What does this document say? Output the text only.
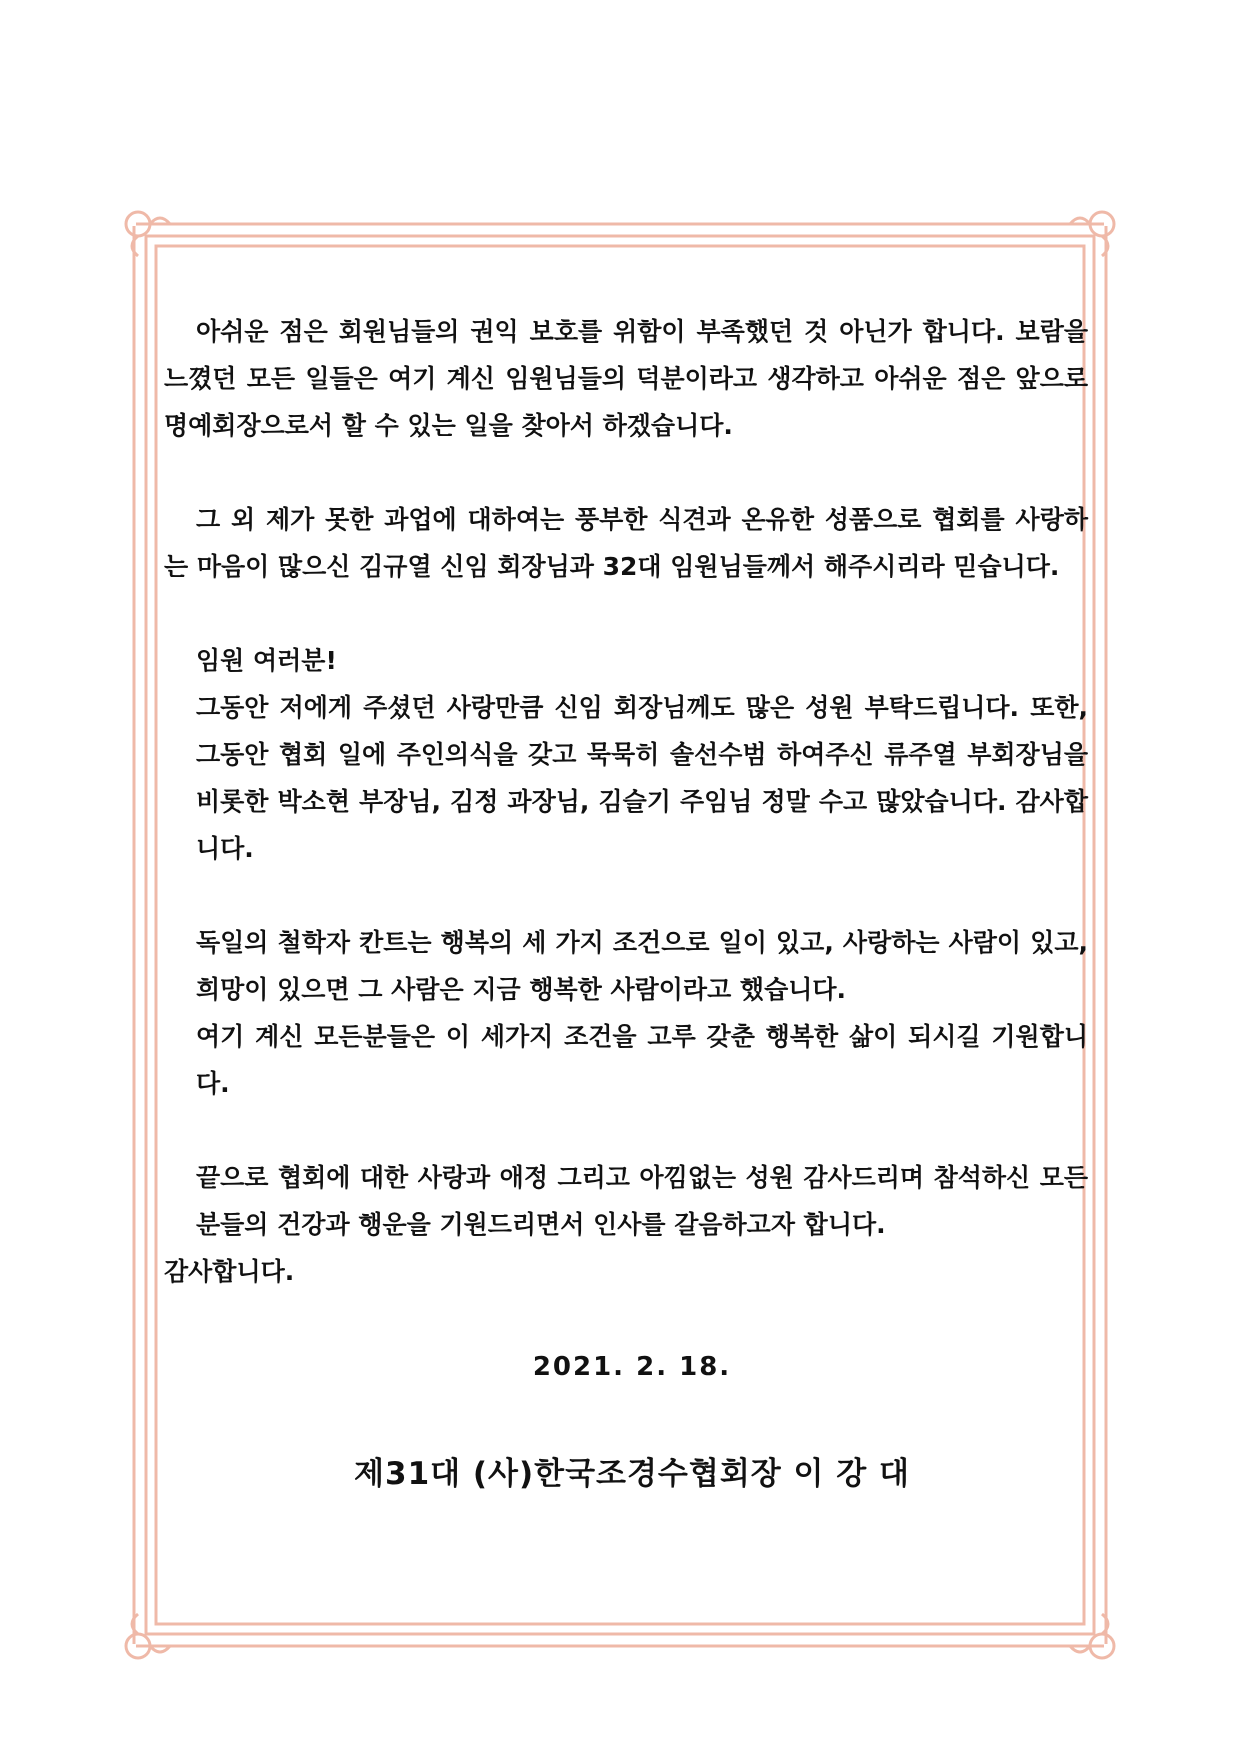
아쉬운 점은 회원님들의 권익 보호를 위함이 부족했던 것 아닌가 합니다. 보람을 느꼈던 모든 일들은 여기 계신 임원님들의 덕분이라고 생각하고 아쉬운 점은 앞으로 명예회장으로서 할 수 있는 일을 찾아서 하겠습니다.

그 외 제가 못한 과업에 대하여는 풍부한 식견과 온유한 성품으로 협회를 사랑하는 마음이 많으신 김규열 신임 회장님과 32대 임원님들께서 해주시리라 믿습니다.

임원 여러분!
그동안 저에게 주셨던 사랑만큼 신임 회장님께도 많은 성원 부탁드립니다. 또한, 그동안 협회 일에 주인의식을 갖고 묵묵히 솔선수범 하여주신 류주열 부회장님을 비롯한 박소현 부장님, 김정 과장님, 김슬기 주임님 정말 수고 많았습니다. 감사합니다.
독일의 철학자 칸트는 행복의 세 가지 조건으로 일이 있고, 사랑하는 사람이 있고, 희망이 있으면 그 사람은 지금 행복한 사람이라고 했습니다.
여기 계신 모든분들은 이 세가지 조건을 고루 갖춘 행복한 삶이 되시길 기원합니다.
끝으로 협회에 대한 사랑과 애정 그리고 아낌없는 성원 감사드리며 참석하신 모든 분들의 건강과 행운을 기원드리면서 인사를 갈음하고자 합니다.
감사합니다.
2021. 2. 18.
제31대 (사)한국조경수협회장 이 강 대
